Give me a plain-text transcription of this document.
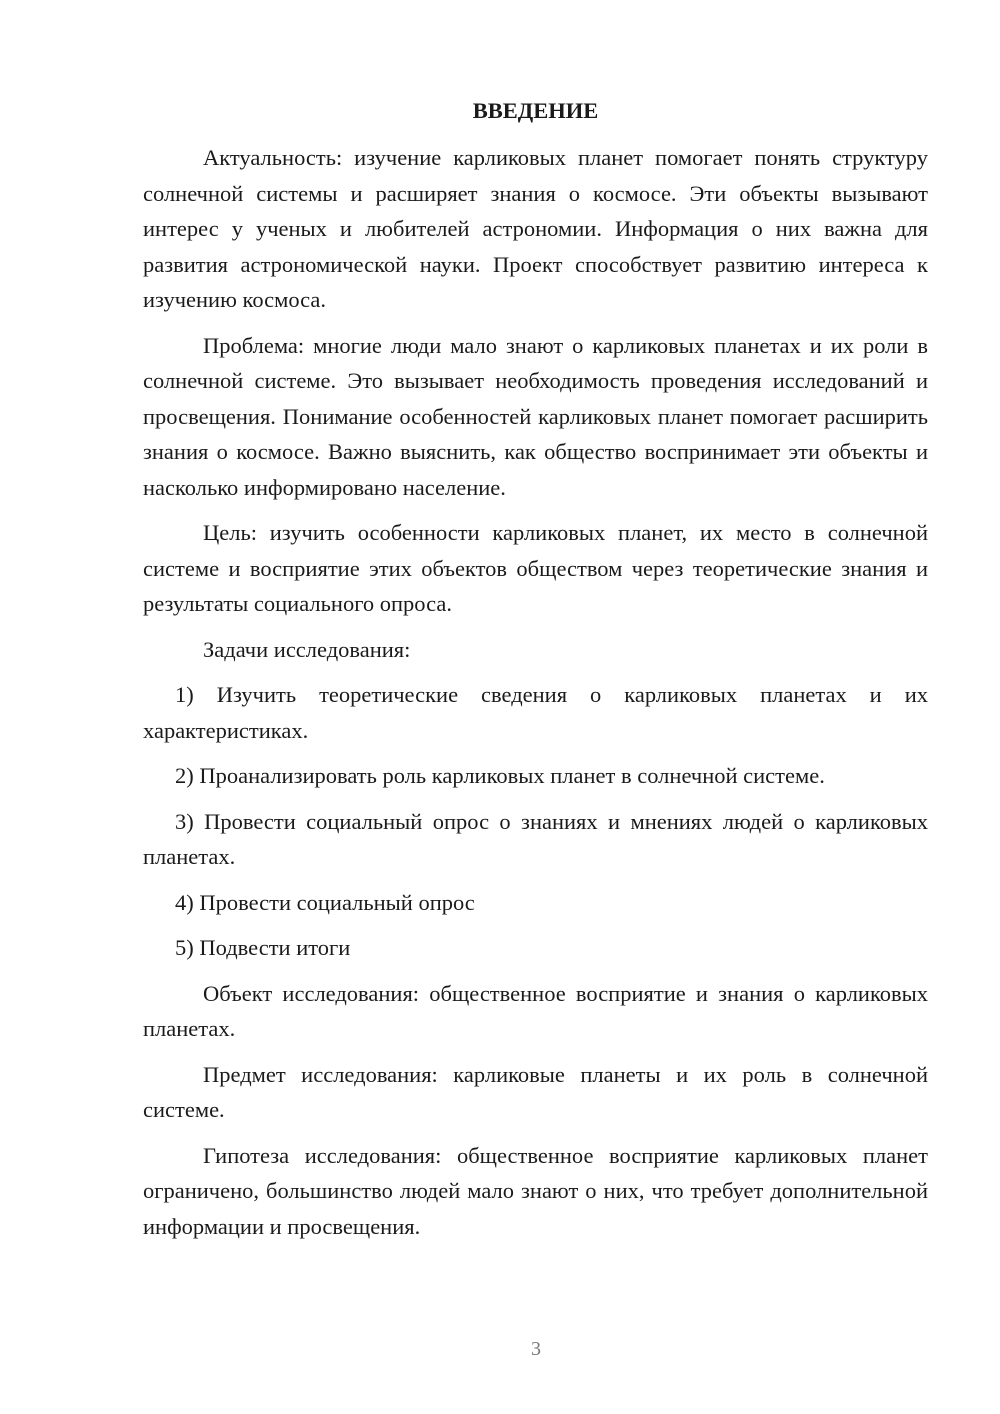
ВВЕДЕНИЕ

Актуальность: изучение карликовых планет помогает понять структуру солнечной системы и расширяет знания о космосе. Эти объекты вызывают интерес у ученых и любителей астрономии. Информация о них важна для развития астрономической науки. Проект способствует развитию интереса к изучению космоса.

Проблема: многие люди мало знают о карликовых планетах и их роли в солнечной системе. Это вызывает необходимость проведения исследований и просвещения. Понимание особенностей карликовых планет помогает расширить знания о космосе. Важно выяснить, как общество воспринимает эти объекты и насколько информировано население.

Цель: изучить особенности карликовых планет, их место в солнечной системе и восприятие этих объектов обществом через теоретические знания и результаты социального опроса.

Задачи исследования:

1) Изучить теоретические сведения о карликовых планетах и их характеристиках.

2) Проанализировать роль карликовых планет в солнечной системе.

3) Провести социальный опрос о знаниях и мнениях людей о карликовых планетах.

4) Провести социальный опрос

5) Подвести итоги

Объект исследования: общественное восприятие и знания о карликовых планетах.

Предмет исследования: карликовые планеты и их роль в солнечной системе.

Гипотеза исследования: общественное восприятие карликовых планет ограничено, большинство людей мало знают о них, что требует дополнительной информации и просвещения.

3
